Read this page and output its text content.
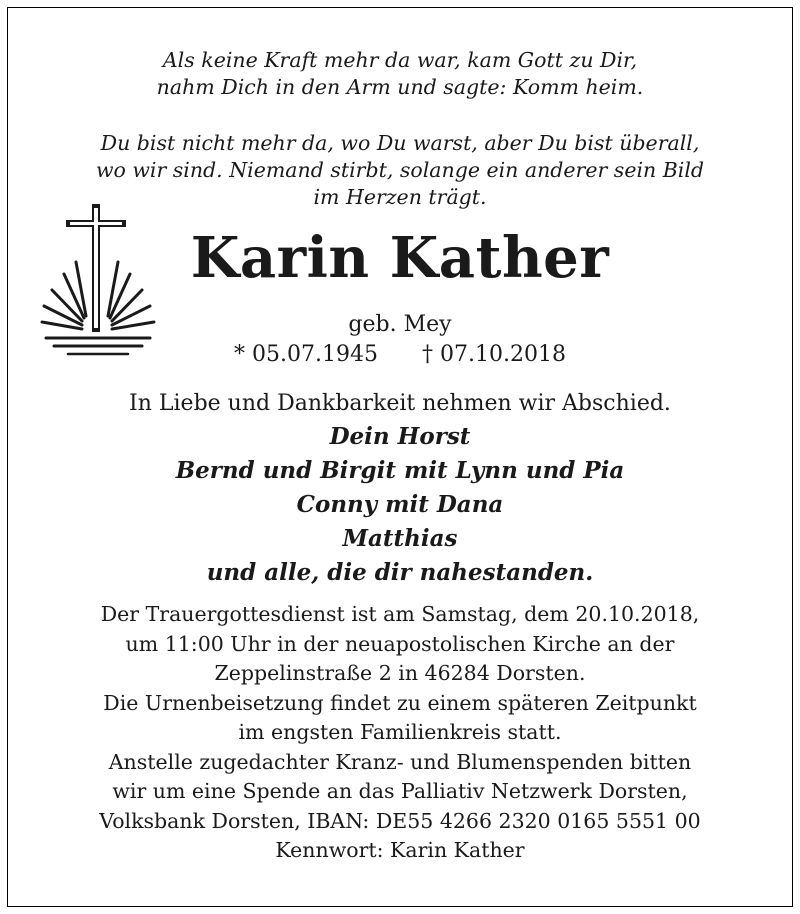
Als keine Kraft mehr da war, kam Gott zu Dir,
nahm Dich in den Arm und sagte: Komm heim.
Du bist nicht mehr da, wo Du warst, aber Du bist überall,
wo wir sind. Niemand stirbt, solange ein anderer sein Bild
im Herzen trägt.
Karin Kather
geb. Mey
* 05.07.1945 † 07.10.2018
In Liebe und Dankbarkeit nehmen wir Abschied.
Dein Horst
Bernd und Birgit mit Lynn und Pia
Conny mit Dana
Matthias
und alle, die dir nahestanden.
Der Trauergottesdienst ist am Samstag, dem 20.10.2018,
um 11:00 Uhr in der neuapostolischen Kirche an der
Zeppelinstraße 2 in 46284 Dorsten.
Die Urnenbeisetzung findet zu einem späteren Zeitpunkt
im engsten Familienkreis statt.
Anstelle zugedachter Kranz- und Blumenspenden bitten
wir um eine Spende an das Palliativ Netzwerk Dorsten,
Volksbank Dorsten, IBAN: DE55 4266 2320 0165 5551 00
Kennwort: Karin Kather
